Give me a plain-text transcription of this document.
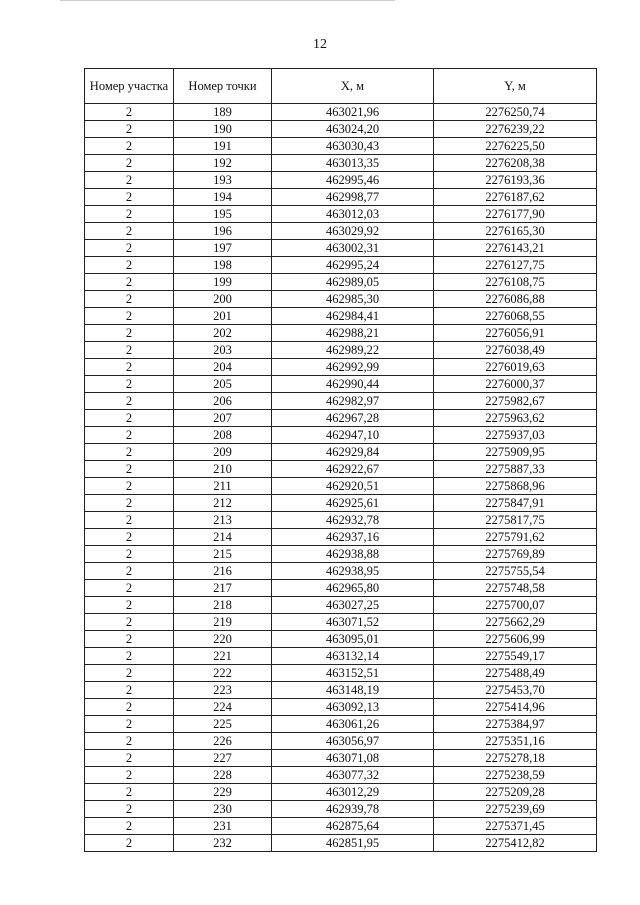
12
Номер участка	Номер точки	X, м	Y, м
2	189	463021,96	2276250,74
2	190	463024,20	2276239,22
2	191	463030,43	2276225,50
2	192	463013,35	2276208,38
2	193	462995,46	2276193,36
2	194	462998,77	2276187,62
2	195	463012,03	2276177,90
2	196	463029,92	2276165,30
2	197	463002,31	2276143,21
2	198	462995,24	2276127,75
2	199	462989,05	2276108,75
2	200	462985,30	2276086,88
2	201	462984,41	2276068,55
2	202	462988,21	2276056,91
2	203	462989,22	2276038,49
2	204	462992,99	2276019,63
2	205	462990,44	2276000,37
2	206	462982,97	2275982,67
2	207	462967,28	2275963,62
2	208	462947,10	2275937,03
2	209	462929,84	2275909,95
2	210	462922,67	2275887,33
2	211	462920,51	2275868,96
2	212	462925,61	2275847,91
2	213	462932,78	2275817,75
2	214	462937,16	2275791,62
2	215	462938,88	2275769,89
2	216	462938,95	2275755,54
2	217	462965,80	2275748,58
2	218	463027,25	2275700,07
2	219	463071,52	2275662,29
2	220	463095,01	2275606,99
2	221	463132,14	2275549,17
2	222	463152,51	2275488,49
2	223	463148,19	2275453,70
2	224	463092,13	2275414,96
2	225	463061,26	2275384,97
2	226	463056,97	2275351,16
2	227	463071,08	2275278,18
2	228	463077,32	2275238,59
2	229	463012,29	2275209,28
2	230	462939,78	2275239,69
2	231	462875,64	2275371,45
2	232	462851,95	2275412,82
